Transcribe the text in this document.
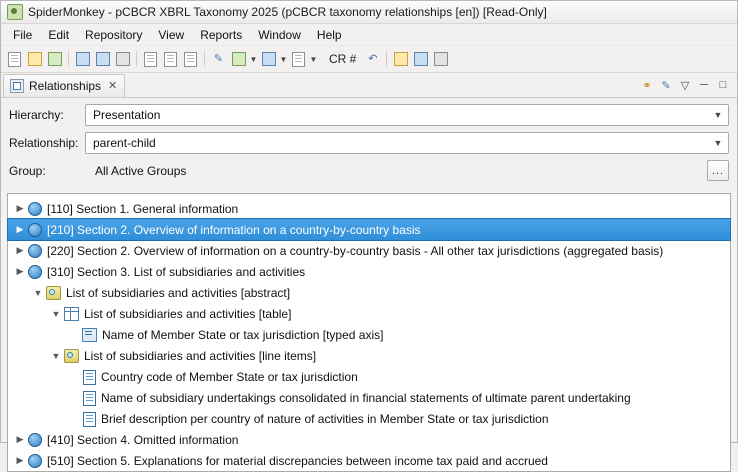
SpiderMonkey - pCBCR XBRL Taxonomy 2025 (pCBCR taxonomy relationships [en]) [Read-Only]
File	Edit	Repository	View	Reports	Window	Help
✎	▼	▼	▼ CR #	↶
Relationships ✕	⚭ ✎ ▽ ─	□
Hierarchy:	Presentation	▼
Relationship:	parent-child	▼
Group:	All Active Groups	...
▶	[110] Section 1. General information
▶	[210] Section 2. Overview of information on a country-by-country basis
▶	[220] Section 2. Overview of information on a country-by-country basis - All other tax jurisdictions (aggregated basis)
▶	[310] Section 3. List of subsidiaries and activities
▼ List of subsidiaries and activities [abstract]
▼ List of subsidiaries and activities [table]
Name of Member State or tax jurisdiction [typed axis]
▼ List of subsidiaries and activities [line items]
Country code of Member State or tax jurisdiction
Name of subsidiary undertakings consolidated in financial statements of ultimate parent undertaking
Brief description per country of nature of activities in Member State or tax jurisdiction
▶	[410] Section 4. Omitted information
▶	[510] Section 5. Explanations for material discrepancies between income tax paid and accrued
